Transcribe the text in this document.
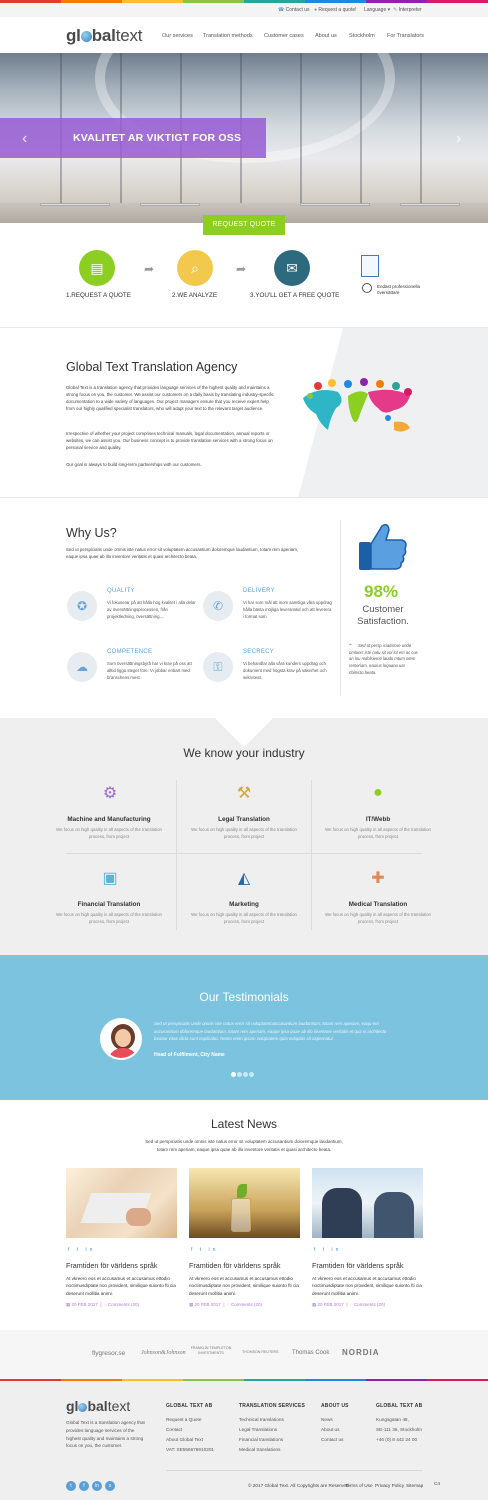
☎ Contact us ● Request a quote! Language ▾ ✎ Interpreter
gl baltext	Our services Translation methods Customer cases About us Stockholm For Translators
KVALITET AR VIKTIGT FOR OSS
‹	›
REQUEST QUOTE
▤	⌕	✉
➦	➦
1.REQUEST A QUOTE	2.WE ANALYZE	3.YOU'LL GET A FREE QUOTE
Endast professionella
översättare
Global Text Translation Agency
Global Text is a translation agency that provides language services of the highest quality and maintains a strong focus on you, the customer. We assist our customers on a daily basis by translating industry-specific documentation to a wide variety of languages. Our project managers ensure that you receive expert help from our highly qualified specialist translators, who will adapt your text to the relevant target audience.
Irrespective of whether your project comprises technical manuals, legal documentation, annual reports or websites, we can assist you. Our business concept is to provide translation services with a strong focus on personal service and quality.
Our goal is always to build long-term partnerships with our customers.
Why Us?
Sed ut perspiciatis unde omnis iste natus error sit voluptatem accusantium doloremque laudantium, totam rem aperiam, eaque ipsa quae ab illo inventore veritatis et quasi architecto beata.
✪
QUALITY
Vi fokuserar på att hålla hög kvalitet i alla delar av översättningsprocessen, från projektledning, översättning,...
✆
DELIVERY
Vi har som mål att inom samtliga våra uppdrag hålla bästa möjliga leveranstid och att leverera i format som
☁
COMPETENCE
Som översättningsbyrå har vi krav på oss att alltid ligga steget före. Vi jobbar enbart med branschens mest
⚿
SECRECY
Vi behandlar alla våra kunders uppdrag och dokument med högsta krav på säkerhet och sekretess.
98%
Customer Satisfaction.
❝	Sed ut persp iciatistore unde omlonis iste natu sit vol lol em ac cus an lou mdolsieme laudo mtum otem remeriam, eaurus loquanu uar chitecto beata.
We know your industry
⚙
Machine and Manufacturing
We focus on high quality in all aspects of the translation process, from project
⚒
Legal Translation
We focus on high quality in all aspects of the translation process, from project
●
IT/Webb
We focus on high quality in all aspects of the translation process, from project
▣
Financial Translation
We focus on high quality in all aspects of the translation process, from project
◭
Marketing
We focus on high quality in all aspects of the translation process, from project
✚
Medical Translation
We focus on high quality in all aspects of the translation process, from project
Our Testimonials
Sed ut perspiciatis unde omnis iste natus error sit voluptatemaccusantium laudantium, totam rem aperiam, eaqu em accusantium doloremque laudantium, totam rem aperiam, eaque ipsa quae ab illo inventore veritatis et qua si architecto beatae vitae dicta sunt explicabo. Nemo enim ipsam voluptatem quia voluptas sit aspernatur
Head of Fulfilment, City Name
Latest News
Sed ut perspiciatis unde omnis iste natus error sit voluptatem accusantium doloremque laudantium,
totam rem aperiam, eaque ipsa quae ab illo inventore veritatis et quasi architecto beata.
f t in	f t in	f t in
Framtiden för världens språk	Framtiden för världens språk	Framtiden för världens språk
At vkreero eos et accusamus et accusamus ettodio noctimusdiptate non provident, similique suionto fti cia deserunt mollitia animi.
At vkreero eos et accusamus et accusamus ettodio noctimusdiptate non provident, similique suionto fti cia deserunt mollitia animi.
At vkreero eos et accusamus et accusamus ettodio noctimusdiptate non provident, similique suionto fti cia deserunt mollitia animi.
▦ 20 FEB 2017  |  ◌ Comments (20)	▦ 20 FEB 2017  |  ◌ Comments (20)	▦ 20 FEB 2017  |  ◌ Comments (20)
flygresor.se	Johnson&Johnson
FRANKLIN TEMPLETON INVESTMENTS	THOMSON REUTERS Thomas Cook NORDIA
gl baltext
Global Text is a translation agency that provides language services of the highest quality and maintains a strong focus on you, the customer.
GLOBAL TEXT AB
Request a Quote
Contact
About Global Text
VAT: SE556678910201
TRANSLATION SERVICES
Technical translations
Legal Translations
Financial translations
Medical translations
ABOUT US
News
About us
Contact us
GLOBAL TEXT AB
Kungsgatan 48,
SE-111 35, Stockholm
+46 (0) 8 442 24 00
t	f	in	s	© 2017 Global Text. All Copyrights are Reserved.
Terms of Use Privacy Policy Sitemap C4
